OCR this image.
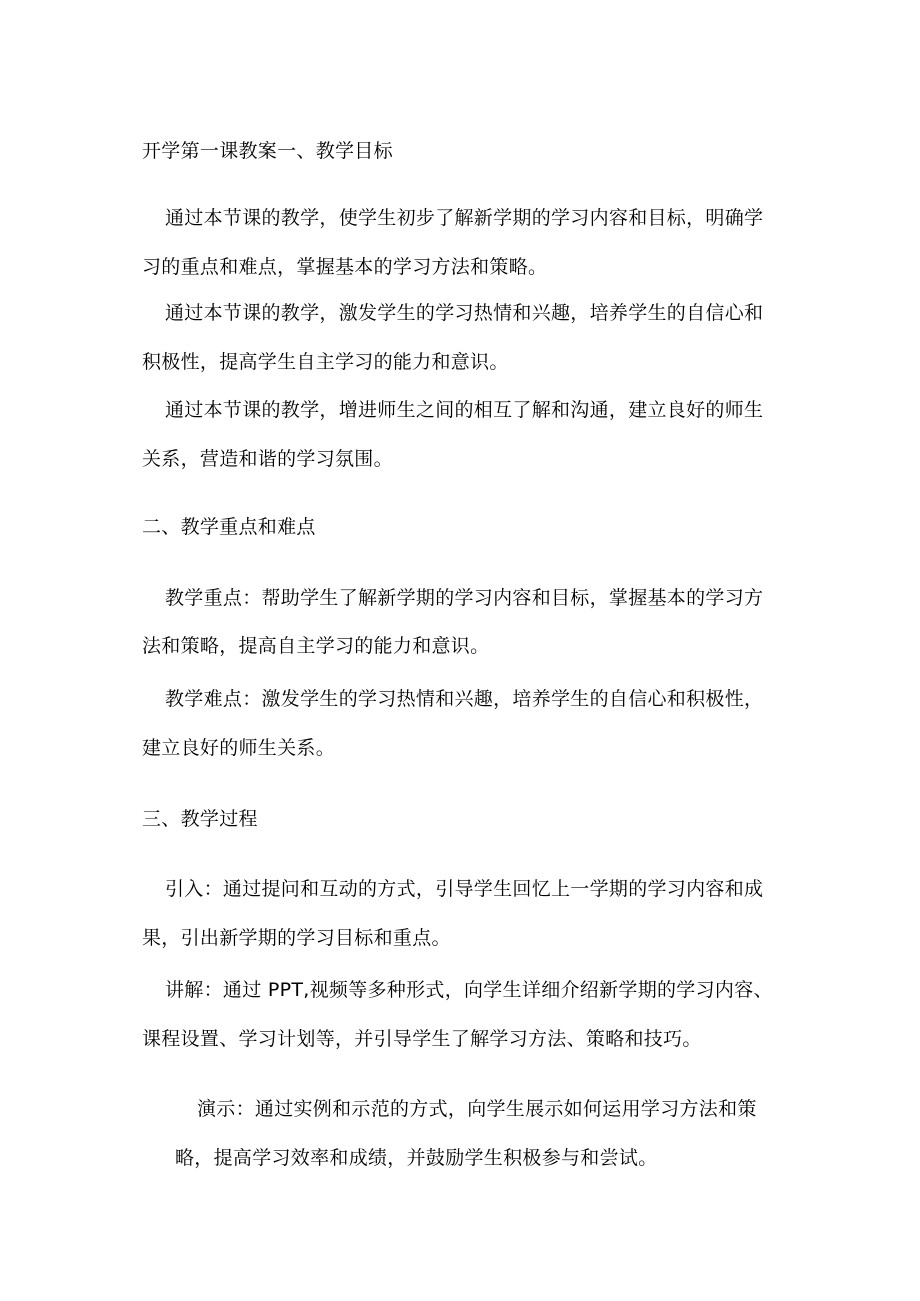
开学第一课教案一、教学目标
通过本节课的教学，使学生初步了解新学期的学习内容和目标，明确学
习的重点和难点，掌握基本的学习方法和策略。
通过本节课的教学，激发学生的学习热情和兴趣，培养学生的自信心和
积极性，提高学生自主学习的能力和意识。
通过本节课的教学，增进师生之间的相互了解和沟通，建立良好的师生
关系，营造和谐的学习氛围。
二、教学重点和难点
教学重点：帮助学生了解新学期的学习内容和目标，掌握基本的学习方
法和策略，提高自主学习的能力和意识。
教学难点：激发学生的学习热情和兴趣，培养学生的自信心和积极性，
建立良好的师生关系。
三、教学过程
引入：通过提问和互动的方式，引导学生回忆上一学期的学习内容和成
果，引出新学期的学习目标和重点。
讲解：通过 PPT,视频等多种形式，向学生详细介绍新学期的学习内容、
课程设置、学习计划等，并引导学生了解学习方法、策略和技巧。
演示：通过实例和示范的方式，向学生展示如何运用学习方法和策
略，提高学习效率和成绩，并鼓励学生积极参与和尝试。
